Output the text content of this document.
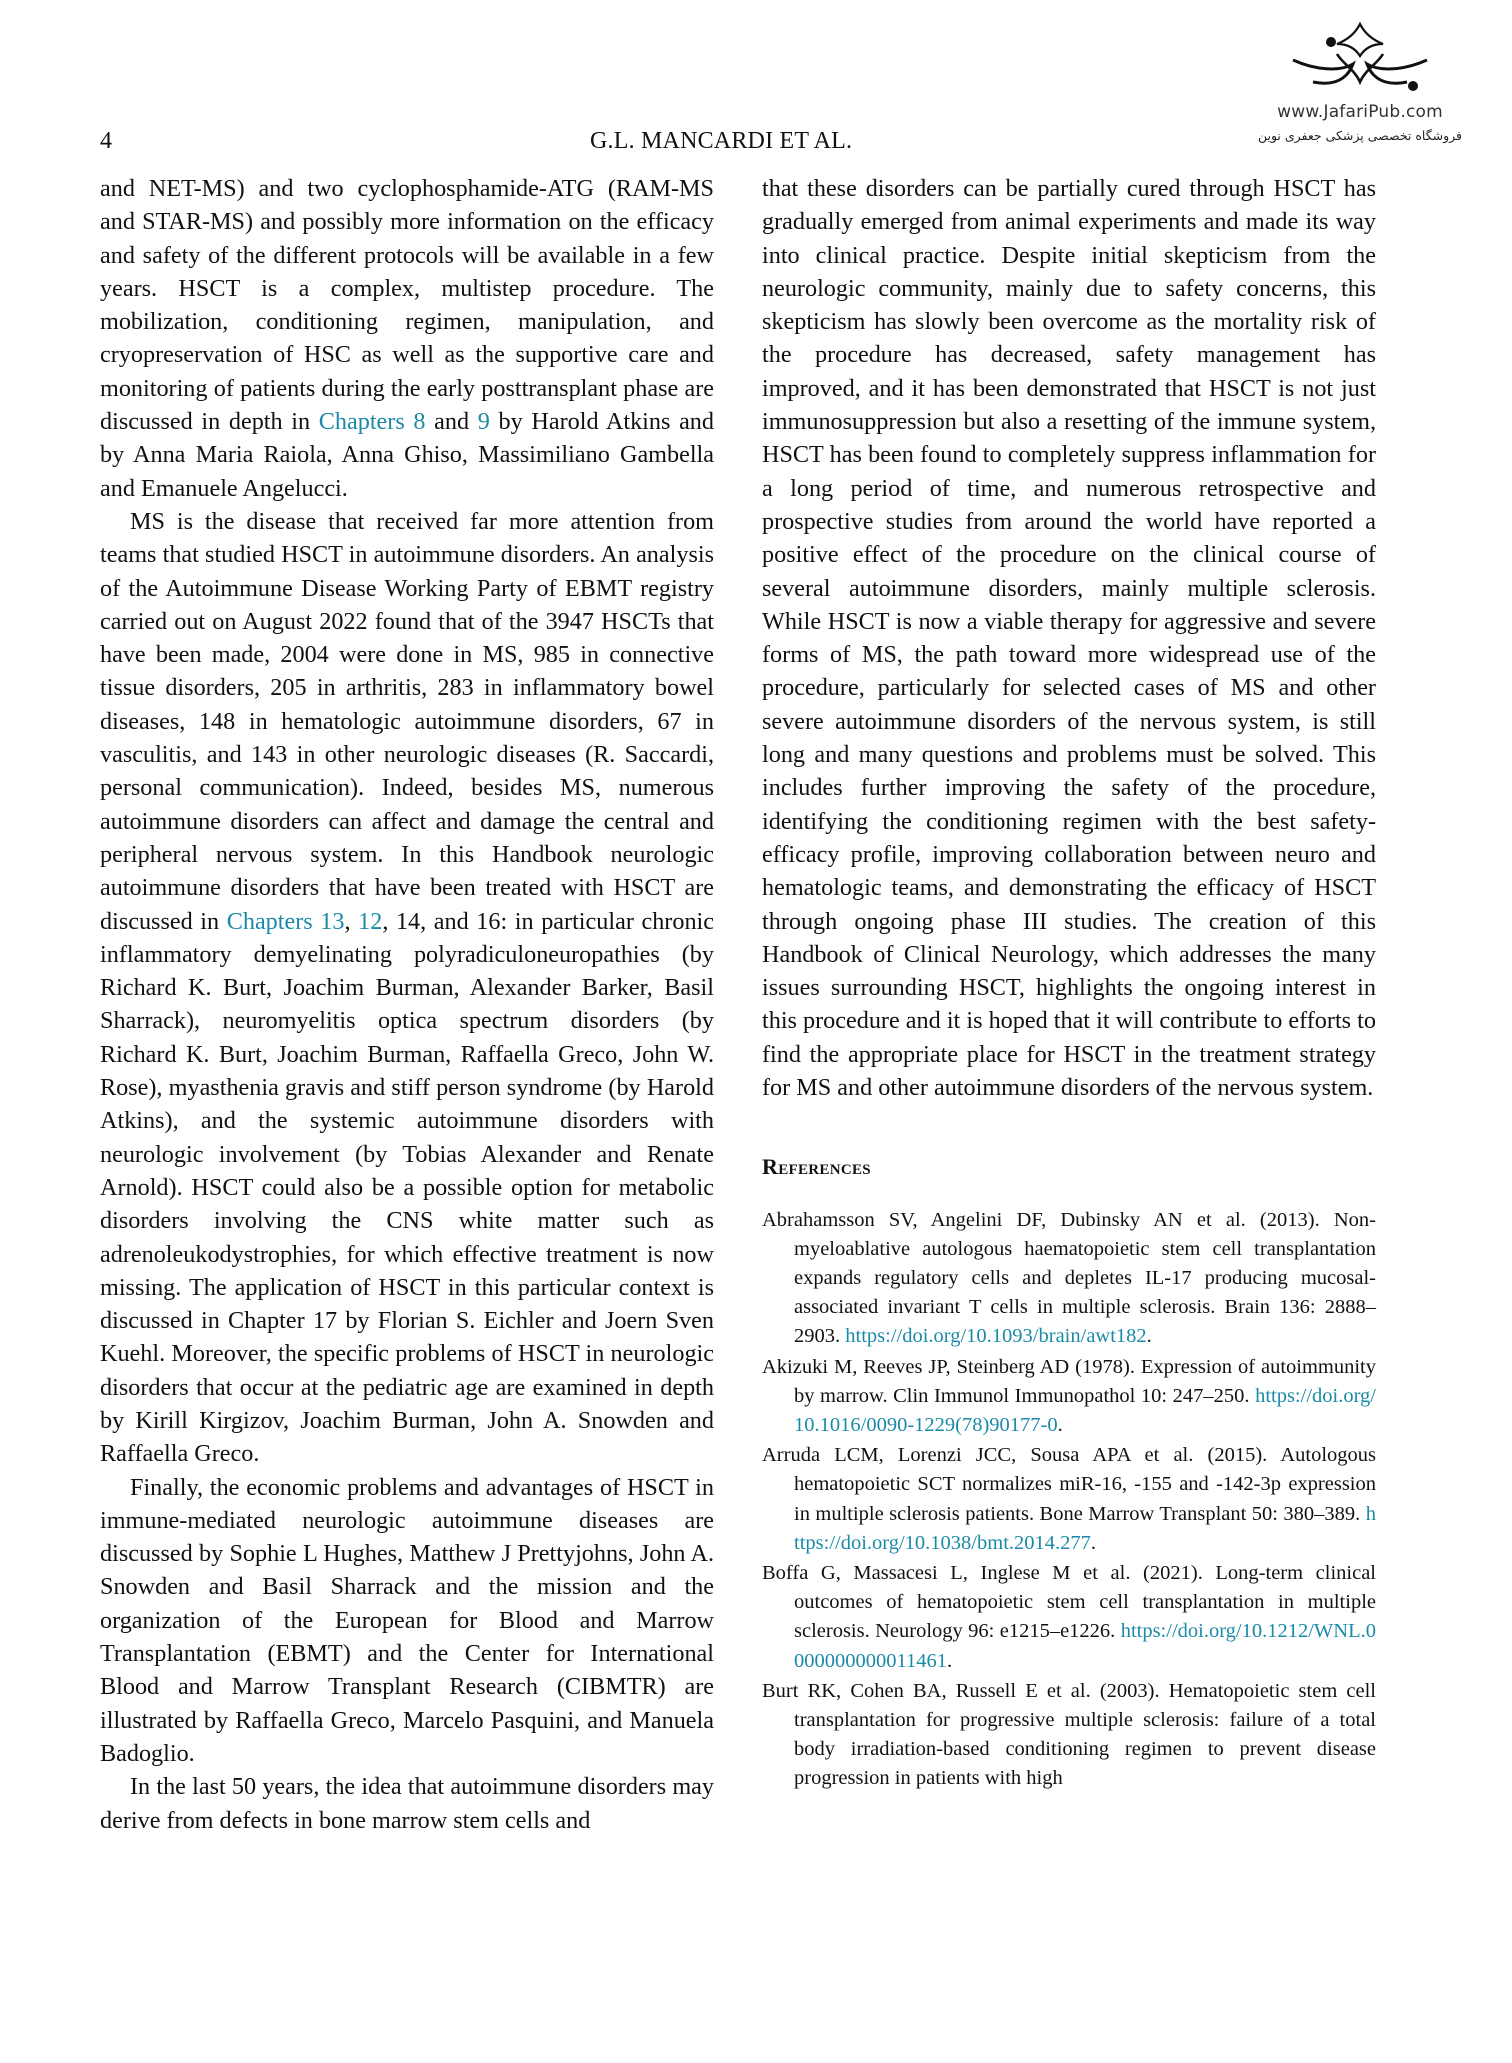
www.JafariPub.com
فروشگاه تخصصی پزشکی جعفری نوین
4	G.L. MANCARDI ET AL.

and NET-MS) and two cyclophosphamide-ATG (RAM-MS and STAR-MS) and possibly more information on the efficacy and safety of the different protocols will be available in a few years. HSCT is a complex, multistep procedure. The mobilization, conditioning regimen, manipulation, and cryopreservation of HSC as well as the supportive care and monitoring of patients during the early posttransplant phase are discussed in depth in Chapters 8 and 9 by Harold Atkins and by Anna Maria Raiola, Anna Ghiso, Massimiliano Gambella and Emanuele Angelucci.

MS is the disease that received far more attention from teams that studied HSCT in autoimmune disorders. An analysis of the Autoimmune Disease Working Party of EBMT registry carried out on August 2022 found that of the 3947 HSCTs that have been made, 2004 were done in MS, 985 in connective tissue disorders, 205 in arthritis, 283 in inflammatory bowel diseases, 148 in hematologic autoimmune disorders, 67 in vasculitis, and 143 in other neurologic diseases (R. Saccardi, personal communication). Indeed, besides MS, numerous autoimmune disorders can affect and damage the central and peripheral nervous system. In this Handbook neurologic autoimmune disorders that have been treated with HSCT are discussed in Chapters 13, 12, 14, and 16: in particular chronic inflammatory demyelinating polyradiculoneuropathies (by Richard K. Burt, Joachim Burman, Alexander Barker, Basil Sharrack), neuromyelitis optica spectrum disorders (by Richard K. Burt, Joachim Burman, Raffaella Greco, John W. Rose), myasthenia gravis and stiff person syndrome (by Harold Atkins), and the systemic autoimmune disorders with neurologic involvement (by Tobias Alexander and Renate Arnold). HSCT could also be a possible option for metabolic disorders involving the CNS white matter such as adrenoleukodystrophies, for which effective treatment is now missing. The application of HSCT in this particular context is discussed in Chapter 17 by Florian S. Eichler and Joern Sven Kuehl. Moreover, the specific problems of HSCT in neurologic disorders that occur at the pediatric age are examined in depth by Kirill Kirgizov, Joachim Burman, John A. Snowden and Raffaella Greco.

Finally, the economic problems and advantages of HSCT in immune-mediated neurologic autoimmune diseases are discussed by Sophie L Hughes, Matthew J Prettyjohns, John A. Snowden and Basil Sharrack and the mission and the organization of the European for Blood and Marrow Transplantation (EBMT) and the Center for International Blood and Marrow Transplant Research (CIBMTR) are illustrated by Raffaella Greco, Marcelo Pasquini, and Manuela Badoglio.

In the last 50 years, the idea that autoimmune disorders may derive from defects in bone marrow stem cells and

that these disorders can be partially cured through HSCT has gradually emerged from animal experiments and made its way into clinical practice. Despite initial skepticism from the neurologic community, mainly due to safety concerns, this skepticism has slowly been overcome as the mortality risk of the procedure has decreased, safety management has improved, and it has been demonstrated that HSCT is not just immunosuppression but also a resetting of the immune system, HSCT has been found to completely suppress inflammation for a long period of time, and numerous retrospective and prospective studies from around the world have reported a positive effect of the procedure on the clinical course of several autoimmune disorders, mainly multiple sclerosis. While HSCT is now a viable therapy for aggressive and severe forms of MS, the path toward more widespread use of the procedure, particularly for selected cases of MS and other severe autoimmune disorders of the nervous system, is still long and many questions and problems must be solved. This includes further improving the safety of the procedure, identifying the conditioning regimen with the best safety-efficacy profile, improving collaboration between neuro and hematologic teams, and demonstrating the efficacy of HSCT through ongoing phase III studies. The creation of this Handbook of Clinical Neurology, which addresses the many issues surrounding HSCT, highlights the ongoing interest in this procedure and it is hoped that it will contribute to efforts to find the appropriate place for HSCT in the treatment strategy for MS and other autoimmune disorders of the nervous system.

References
Abrahamsson SV, Angelini DF, Dubinsky AN et al. (2013). Non-myeloablative autologous haematopoietic stem cell transplantation expands regulatory cells and depletes IL-17 producing mucosal-associated invariant T cells in multiple sclerosis. Brain 136: 2888–2903. https://doi.org/10.1093/brain/awt182.
Akizuki M, Reeves JP, Steinberg AD (1978). Expression of autoimmunity by marrow. Clin Immunol Immunopathol 10: 247–250. https://doi.org/10.1016/0090-1229(78)90177-0.
Arruda LCM, Lorenzi JCC, Sousa APA et al. (2015). Autologous hematopoietic SCT normalizes miR-16, -155 and -142-3p expression in multiple sclerosis patients. Bone Marrow Transplant 50: 380–389. https://doi.org/10.1038/bmt.2014.277.
Boffa G, Massacesi L, Inglese M et al. (2021). Long-term clinical outcomes of hematopoietic stem cell transplantation in multiple sclerosis. Neurology 96: e1215–e1226. https://doi.org/10.1212/WNL.0000000000011461.
Burt RK, Cohen BA, Russell E et al. (2003). Hematopoietic stem cell transplantation for progressive multiple sclerosis: failure of a total body irradiation-based conditioning regimen to prevent disease progression in patients with high
